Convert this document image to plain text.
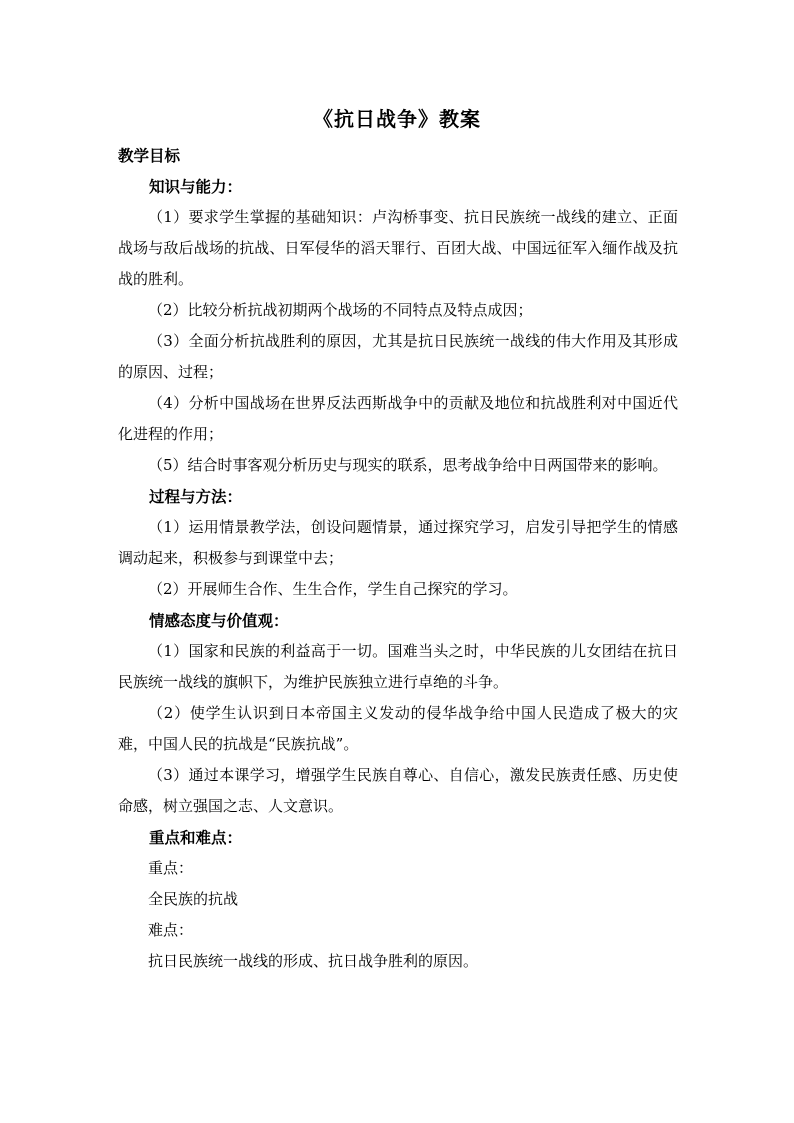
《抗日战争》教案

教学目标

知识与能力：

（1）要求学生掌握的基础知识：卢沟桥事变、抗日民族统一战线的建立、正面战场与敌后战场的抗战、日军侵华的滔天罪行、百团大战、中国远征军入缅作战及抗战的胜利。

（2）比较分析抗战初期两个战场的不同特点及特点成因；

（3）全面分析抗战胜利的原因，尤其是抗日民族统一战线的伟大作用及其形成的原因、过程；

（4）分析中国战场在世界反法西斯战争中的贡献及地位和抗战胜利对中国近代化进程的作用；

（5）结合时事客观分析历史与现实的联系，思考战争给中日两国带来的影响。

过程与方法：

（1）运用情景教学法，创设问题情景，通过探究学习，启发引导把学生的情感调动起来，积极参与到课堂中去；

（2）开展师生合作、生生合作，学生自己探究的学习。

情感态度与价值观：

（1）国家和民族的利益高于一切。国难当头之时，中华民族的儿女团结在抗日民族统一战线的旗帜下，为维护民族独立进行卓绝的斗争。

（2）使学生认识到日本帝国主义发动的侵华战争给中国人民造成了极大的灾难，中国人民的抗战是“民族抗战”。

（3）通过本课学习，增强学生民族自尊心、自信心，激发民族责任感、历史使命感，树立强国之志、人文意识。

重点和难点：

重点：

全民族的抗战

难点：

抗日民族统一战线的形成、抗日战争胜利的原因。
